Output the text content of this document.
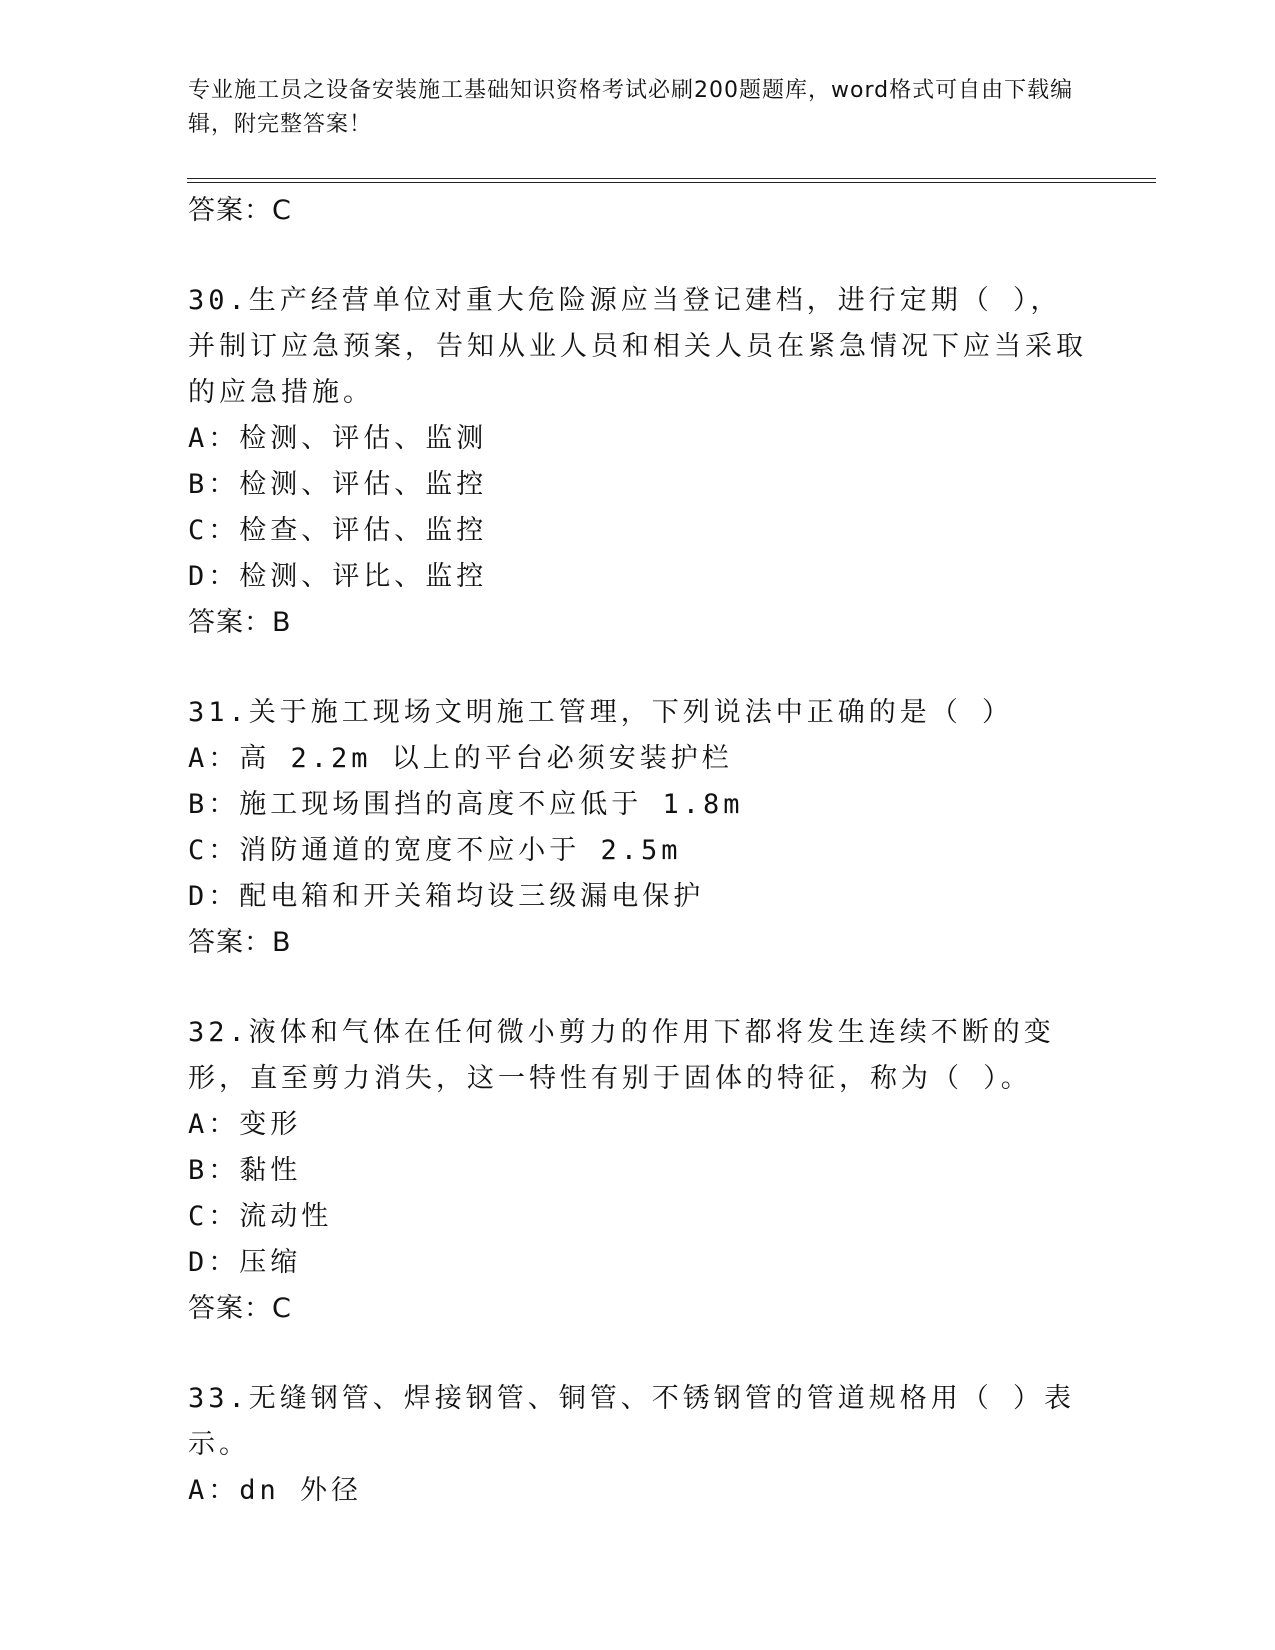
专业施工员之设备安装施工基础知识资格考试必刷200题题库，word格式可自由下载编辑，附完整答案！
答案：C
30.生产经营单位对重大危险源应当登记建档，进行定期（ ），并制订应急预案，告知从业人员和相关人员在紧急情况下应当采取的应急措施。
A：检测、评估、监测
B：检测、评估、监控
C：检查、评估、监控
D：检测、评比、监控
答案：B
31.关于施工现场文明施工管理，下列说法中正确的是（ ）
A：高 2.2m 以上的平台必须安装护栏
B：施工现场围挡的高度不应低于 1.8m
C：消防通道的宽度不应小于 2.5m
D：配电箱和开关箱均设三级漏电保护
答案：B
32.液体和气体在任何微小剪力的作用下都将发生连续不断的变形，直至剪力消失，这一特性有别于固体的特征，称为（ ）。
A：变形
B：黏性
C：流动性
D：压缩
答案：C
33.无缝钢管、焊接钢管、铜管、不锈钢管的管道规格用（ ）表示。
A：dn 外径
